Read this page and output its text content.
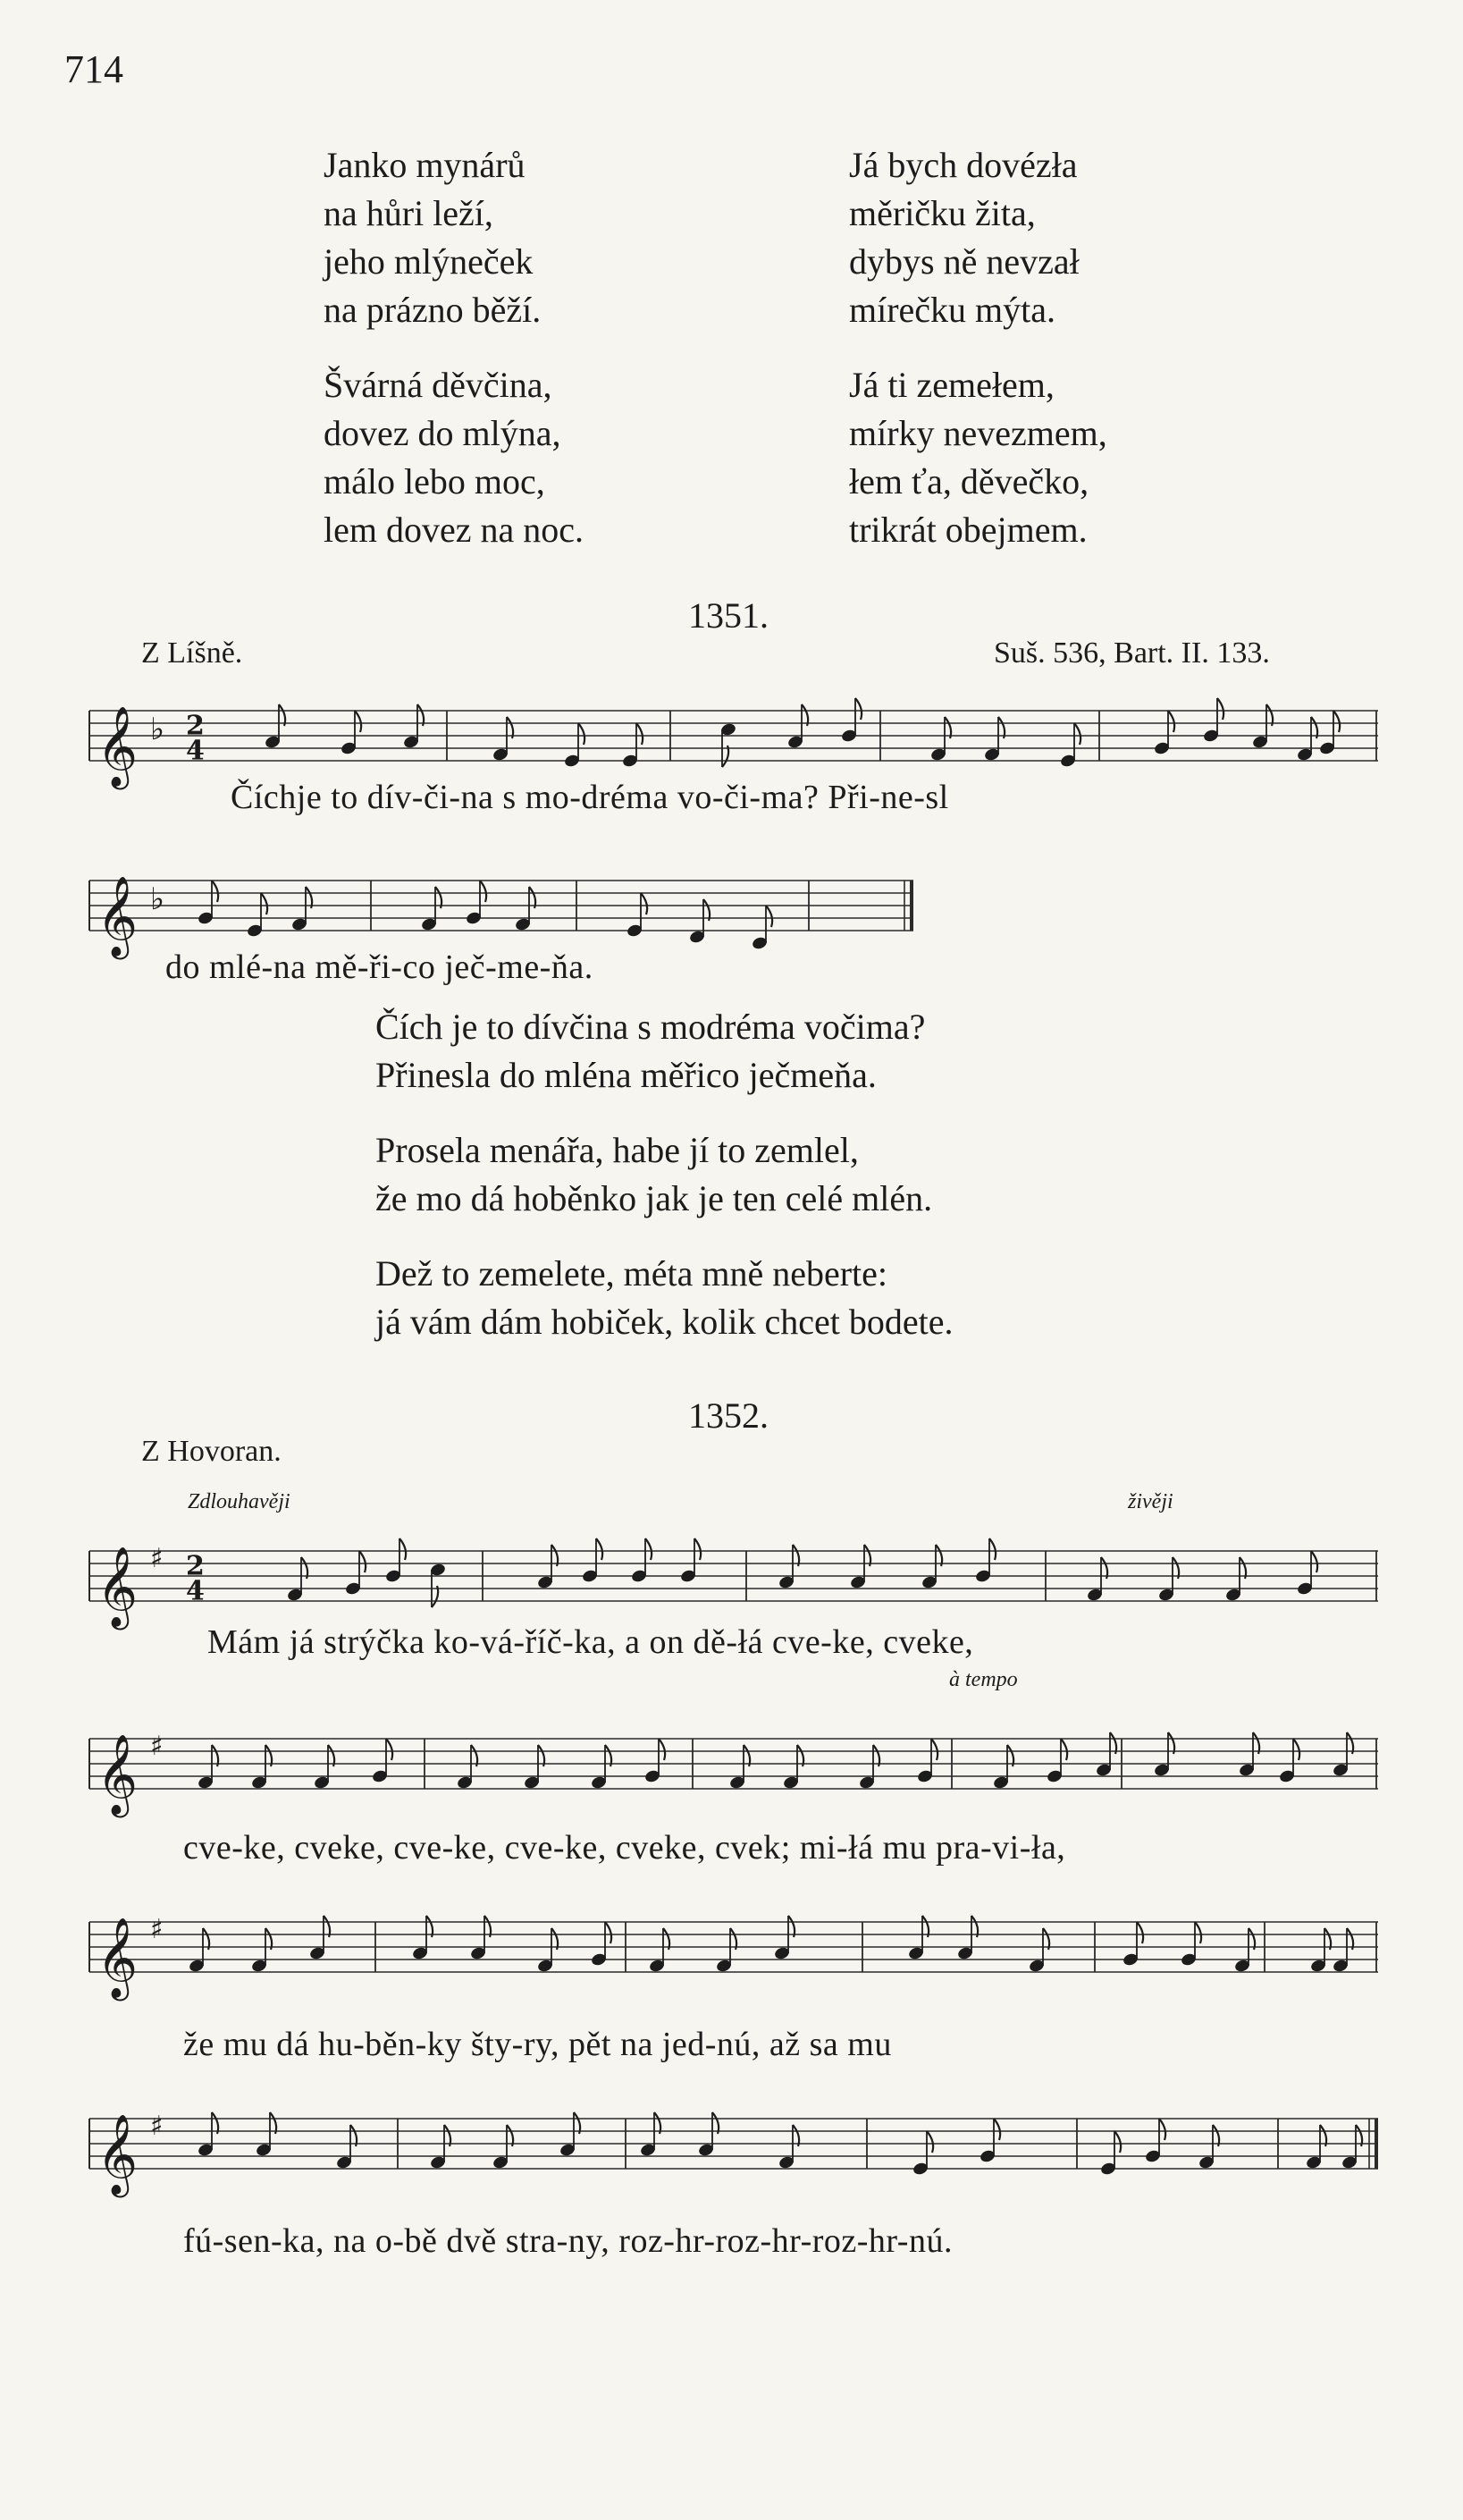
714
Janko mynárů
na hůri leží,
jeho mlýneček
na prázno běží.
Švárná děvčina,
dovez do mlýna,
málo lebo moc,
lem dovez na noc.
Já bych dovézła
měričku žita,
dybys ně nevzał
mírečku mýta.
Já ti zemełem,
mírky nevezmem,
łem ťa, děvečko,
trikrát obejmem.
1351.
Z Líšně.	Suš. 536, Bart. II. 133.
𝄞 ♭ 2
4
Číchje to dív-či-na s mo-dréma vo-či-ma? Při-ne-sl
𝄞 ♭
do mlé-na mě-ři-co ječ-me-ňa.
Čích je to dívčina s modréma vočima?
Přinesla do mléna měřico ječmeňa.
Prosela menářa, habe jí to zemlel,
že mo dá hoběnko jak je ten celé mlén.
Dež to zemelete, méta mně neberte:
já vám dám hobiček, kolik chcet bodete.
1352.
Z Hovoran.
Zdlouhavěji	živěji
𝄞 ♯ 2
4
Mám já strýčka ko-vá-říč-ka, a on dě-łá cve-ke, cveke,
à tempo
𝄞 ♯
cve-ke, cveke, cve-ke, cve-ke, cveke, cvek; mi-łá mu pra-vi-ła,
𝄞 ♯
že mu dá hu-běn-ky šty-ry, pět na jed-nú, až sa mu
𝄞 ♯
fú-sen-ka, na o-bě dvě stra-ny, roz-hr-roz-hr-roz-hr-nú.
